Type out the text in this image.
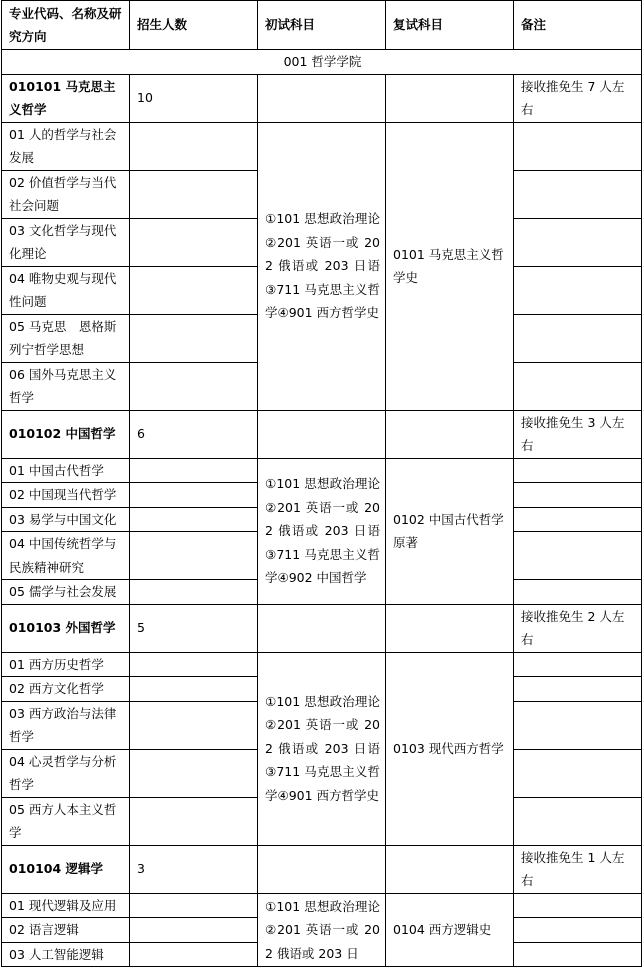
专业代码、名称及研究方向	招生人数	初试科目	复试科目	备注
001 哲学学院				
010101 马克思主义哲学	10			接收推免生 7 人左右
01 人的哲学与社会发展		①101 思想政治理论②201 英语一或 202 俄语或 203 日语③711 马克思主义哲学④901 西方哲学史	0101 马克思主义哲学史	
02 价值哲学与当代社会问题				
03 文化哲学与现代化理论				
04 唯物史观与现代性问题				
05 马克思　恩格斯列宁哲学思想				
06 国外马克思主义哲学				
010102 中国哲学	6			接收推免生 3 人左右
01 中国古代哲学		①101 思想政治理论②201 英语一或 202 俄语或 203 日语③711 马克思主义哲学④902 中国哲学	0102 中国古代哲学原著	
02 中国现当代哲学				
03 易学与中国文化				
04 中国传统哲学与民族精神研究				
05 儒学与社会发展				
010103 外国哲学	5			接收推免生 2 人左右
01 西方历史哲学		①101 思想政治理论②201 英语一或 202 俄语或 203 日语③711 马克思主义哲学④901 西方哲学史	0103 现代西方哲学	
02 西方文化哲学				
03 西方政治与法律哲学				
04 心灵哲学与分析哲学				
05 西方人本主义哲学				
010104 逻辑学	3			接收推免生 1 人左右
01 现代逻辑及应用		①101 思想政治理论②201 英语一或 202 俄语或 203 日	0104 西方逻辑史	
02 语言逻辑				
03 人工智能逻辑				
